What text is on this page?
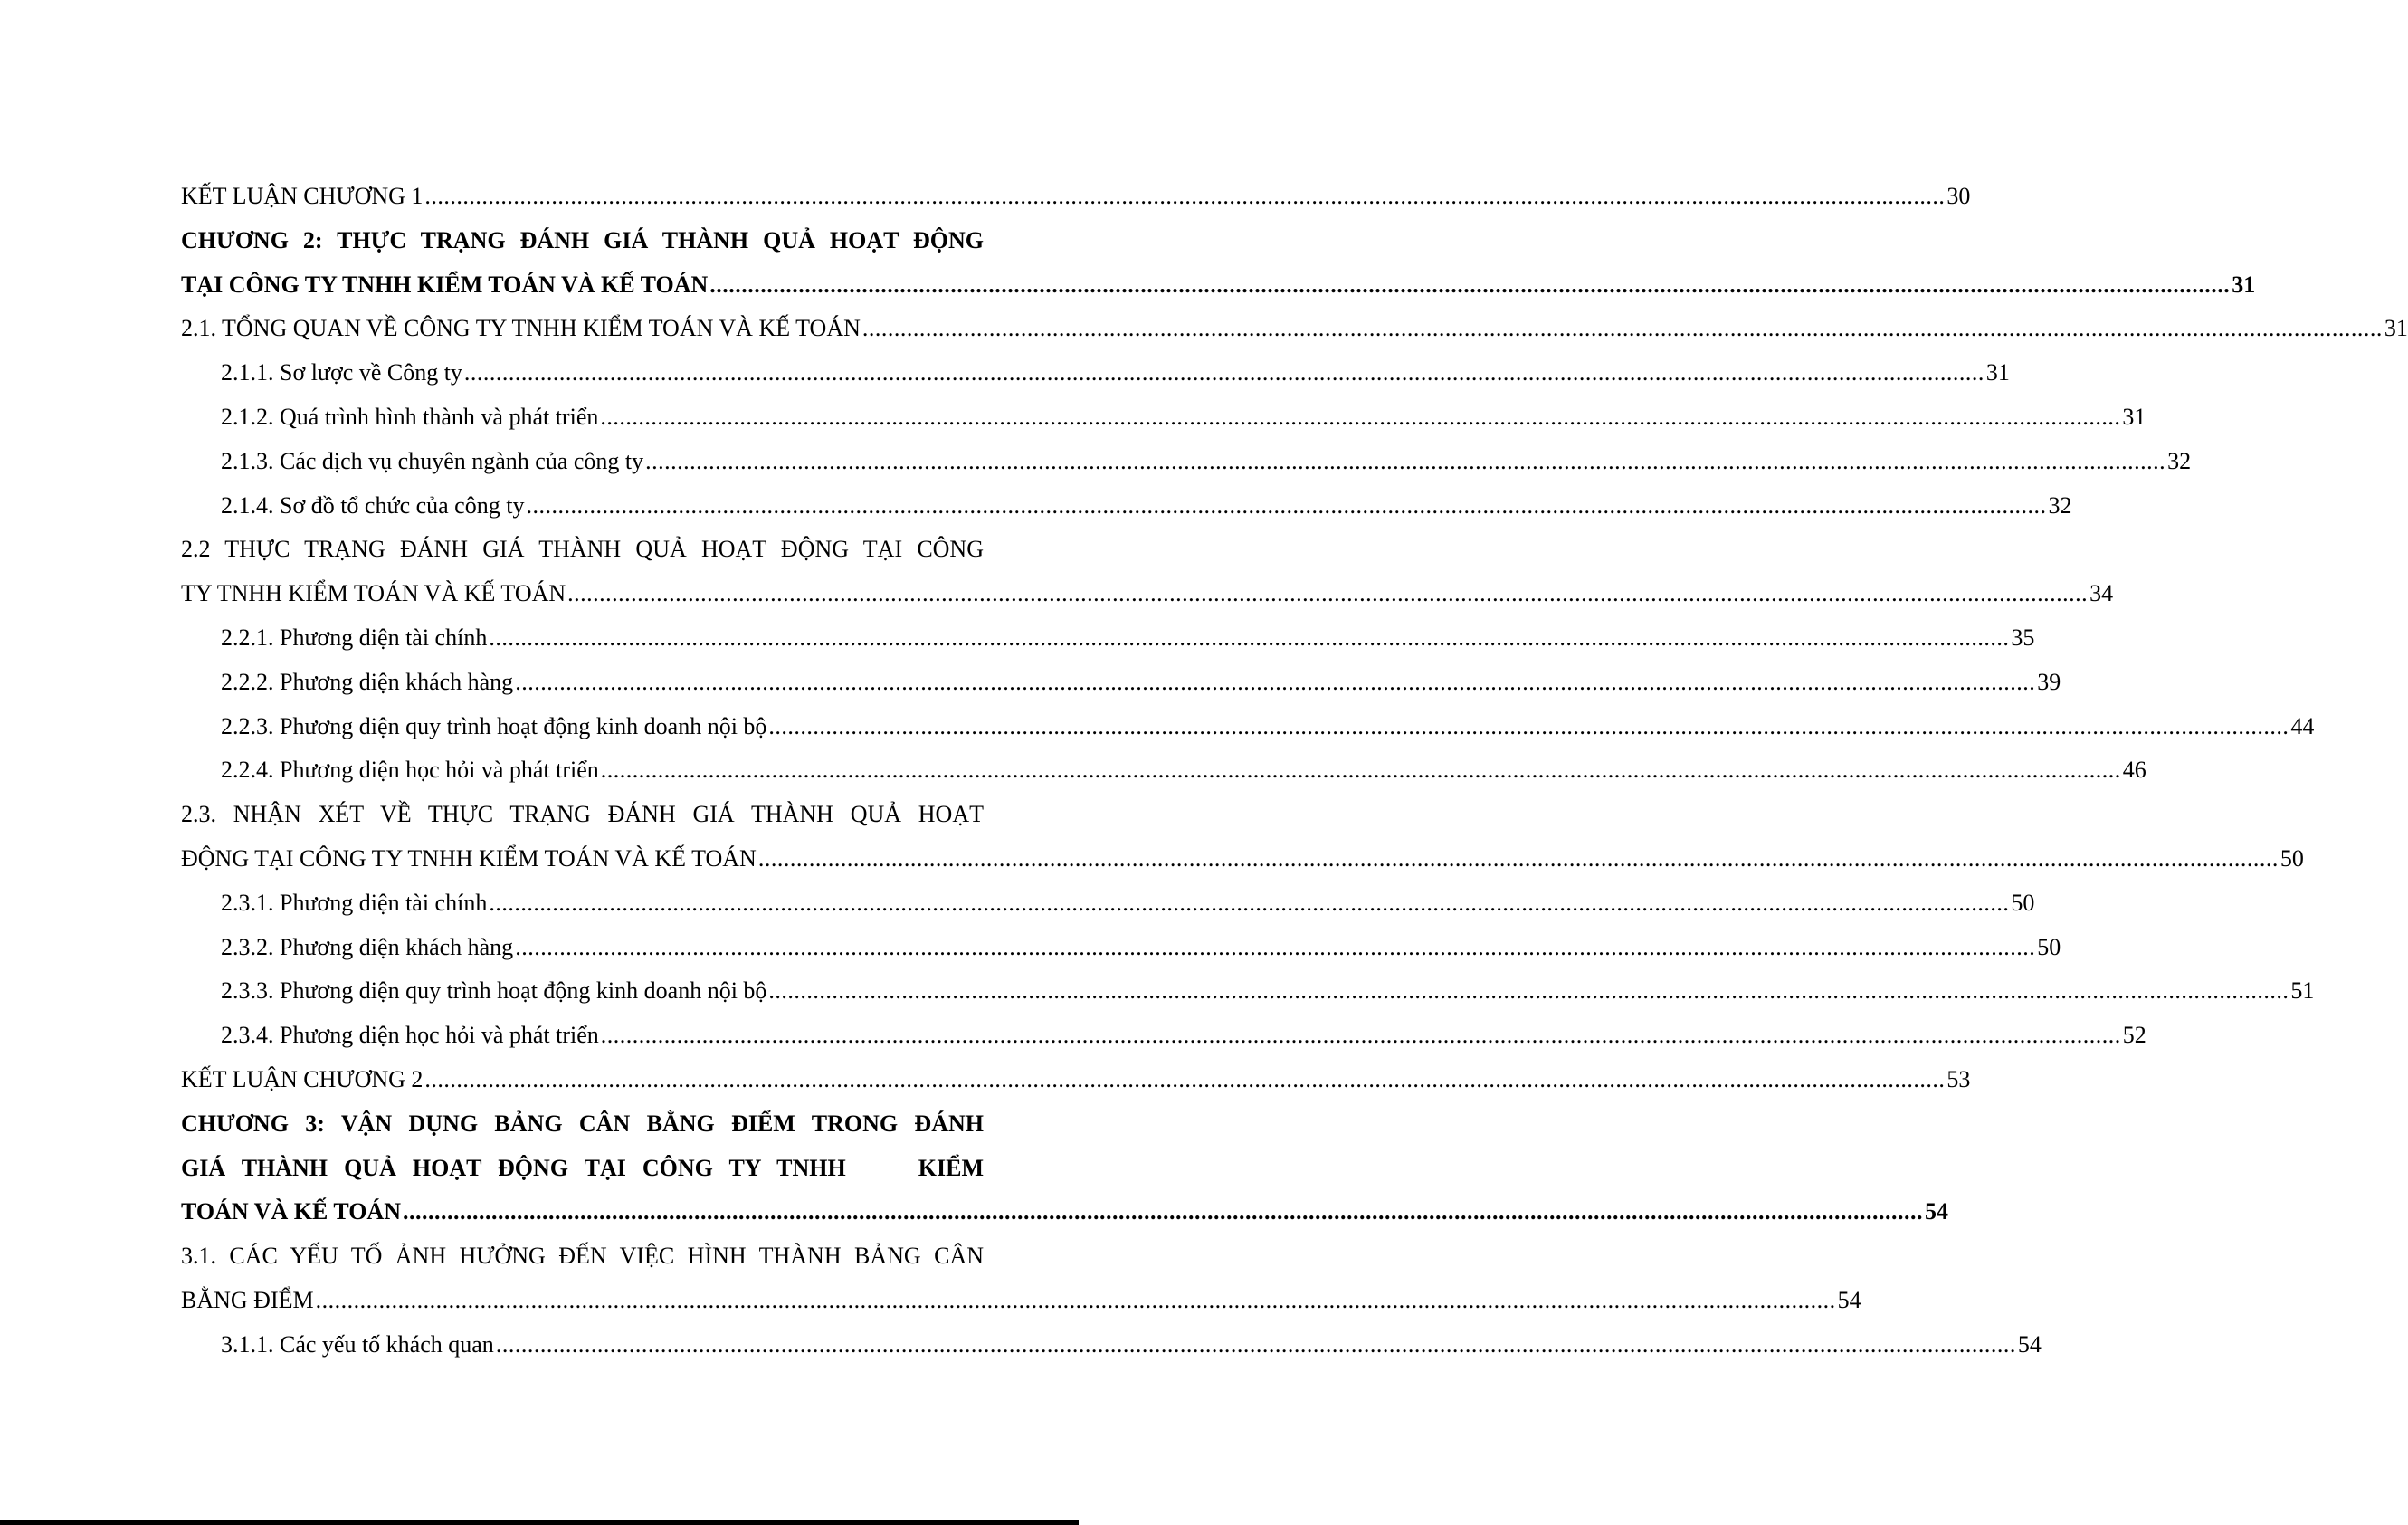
KẾT LUẬN CHƯƠNG 1 .....	30
CHƯƠNG 2: THỰC TRẠNG ĐÁNH GIÁ THÀNH QUẢ HOẠT ĐỘNG
TẠI CÔNG TY TNHH KIỂM TOÁN VÀ KẾ TOÁN .....	31
2.1. TỔNG QUAN VỀ CÔNG TY TNHH KIỂM TOÁN VÀ KẾ TOÁN .....	31
2.1.1. Sơ lược về Công ty .....	31
2.1.2. Quá trình hình thành và phát triển .....	31
2.1.3. Các dịch vụ chuyên ngành của công ty .....	32
2.1.4. Sơ đồ tổ chức của công ty .....	32
2.2 THỰC TRẠNG ĐÁNH GIÁ THÀNH QUẢ HOẠT ĐỘNG TẠI CÔNG
TY TNHH KIỂM TOÁN VÀ KẾ TOÁN .....	34
2.2.1. Phương diện tài chính .....	35
2.2.2. Phương diện khách hàng .....	39
2.2.3. Phương diện quy trình hoạt động kinh doanh nội bộ .....	44
2.2.4. Phương diện học hỏi và phát triển .....	46
2.3. NHẬN XÉT VỀ THỰC TRẠNG ĐÁNH GIÁ THÀNH QUẢ HOẠT
ĐỘNG TẠI CÔNG TY TNHH KIỂM TOÁN VÀ KẾ TOÁN .....	50
2.3.1. Phương diện tài chính .....	50
2.3.2. Phương diện khách hàng .....	50
2.3.3. Phương diện quy trình hoạt động kinh doanh nội bộ .....	51
2.3.4. Phương diện học hỏi và phát triển .....	52
KẾT LUẬN CHƯƠNG 2 .....	53
CHƯƠNG 3: VẬN DỤNG BẢNG CÂN BẰNG ĐIỂM TRONG ĐÁNH
GIÁ THÀNH QUẢ HOẠT ĐỘNG TẠI CÔNG TY TNHH	KIỂM
TOÁN VÀ KẾ TOÁN .....	54
3.1. CÁC YẾU TỐ ẢNH HƯỞNG ĐẾN VIỆC HÌNH THÀNH BẢNG CÂN
BẰNG ĐIỂM .....	54
3.1.1. Các yếu tố khách quan .....	54
